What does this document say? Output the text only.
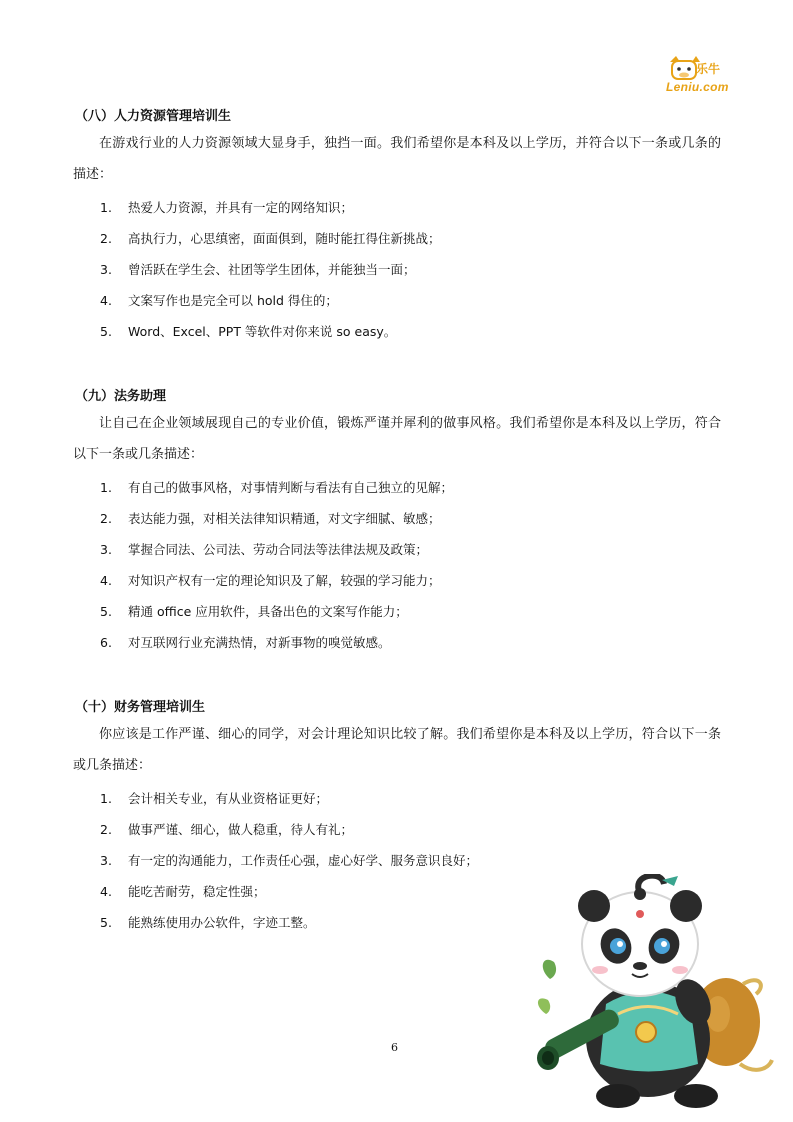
乐牛
Leniu.com
（八）人力资源管理培训生
在游戏行业的人力资源领域大显身手，独挡一面。我们希望你是本科及以上学历，并符合以下一条或几条的描述：
1. 热爱人力资源，并具有一定的网络知识；
2. 高执行力，心思缜密，面面俱到，随时能扛得住新挑战；
3. 曾活跃在学生会、社团等学生团体，并能独当一面；
4. 文案写作也是完全可以 hold 得住的；
5. Word、Excel、PPT 等软件对你来说 so easy。
（九）法务助理
让自己在企业领域展现自己的专业价值，锻炼严谨并犀利的做事风格。我们希望你是本科及以上学历，符合以下一条或几条描述：
1. 有自己的做事风格，对事情判断与看法有自己独立的见解；
2. 表达能力强，对相关法律知识精通，对文字细腻、敏感；
3. 掌握合同法、公司法、劳动合同法等法律法规及政策；
4. 对知识产权有一定的理论知识及了解，较强的学习能力；
5. 精通 office 应用软件，具备出色的文案写作能力；
6. 对互联网行业充满热情，对新事物的嗅觉敏感。
（十）财务管理培训生
你应该是工作严谨、细心的同学，对会计理论知识比较了解。我们希望你是本科及以上学历，符合以下一条或几条描述：
1. 会计相关专业，有从业资格证更好；
2. 做事严谨、细心，做人稳重，待人有礼；
3. 有一定的沟通能力，工作责任心强，虚心好学、服务意识良好；
4. 能吃苦耐劳，稳定性强；
5. 能熟练使用办公软件，字迹工整。
6
